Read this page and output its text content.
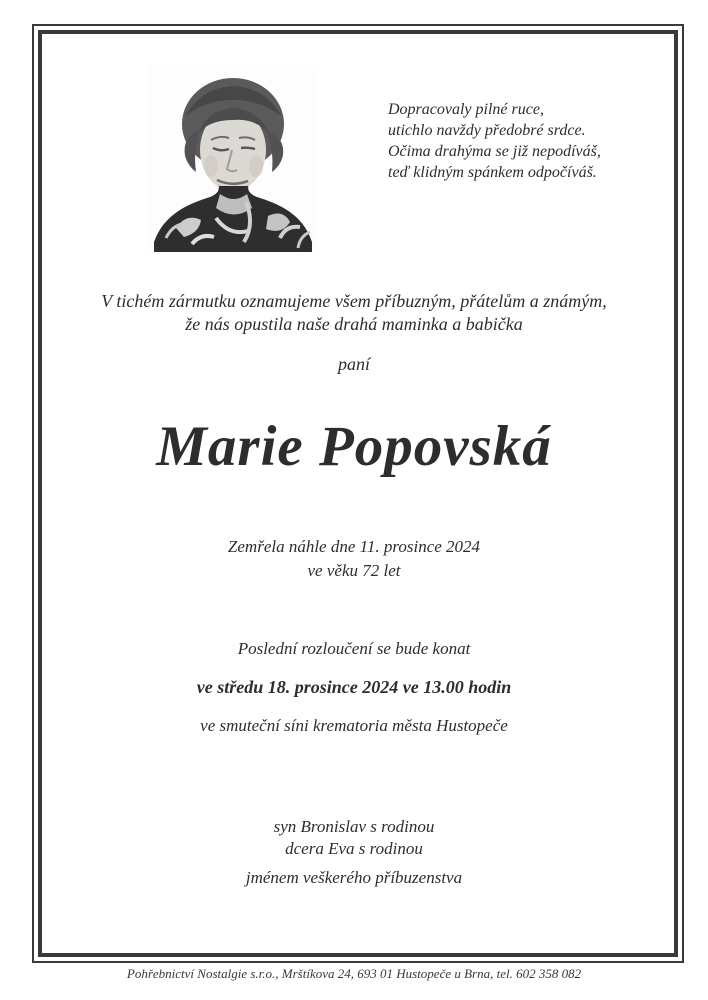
Dopracovaly pilné ruce,
utichlo navždy předobré srdce.
Očima drahýma se již nepodíváš,
teď klidným spánkem odpočíváš.
V tichém zármutku oznamujeme všem příbuzným, přátelům a známým,
že nás opustila naše drahá maminka a babička
paní
Marie Popovská
Zemřela náhle dne 11. prosince 2024
ve věku 72 let
Poslední rozloučení se bude konat
ve středu 18. prosince 2024 ve 13.00 hodin
ve smuteční síni krematoria města Hustopeče
syn Bronislav s rodinou
dcera Eva s rodinou
jménem veškerého příbuzenstva
Pohřebnictví Nostalgie s.r.o., Mrštíkova 24, 693 01 Hustopeče u Brna, tel. 602 358 082
